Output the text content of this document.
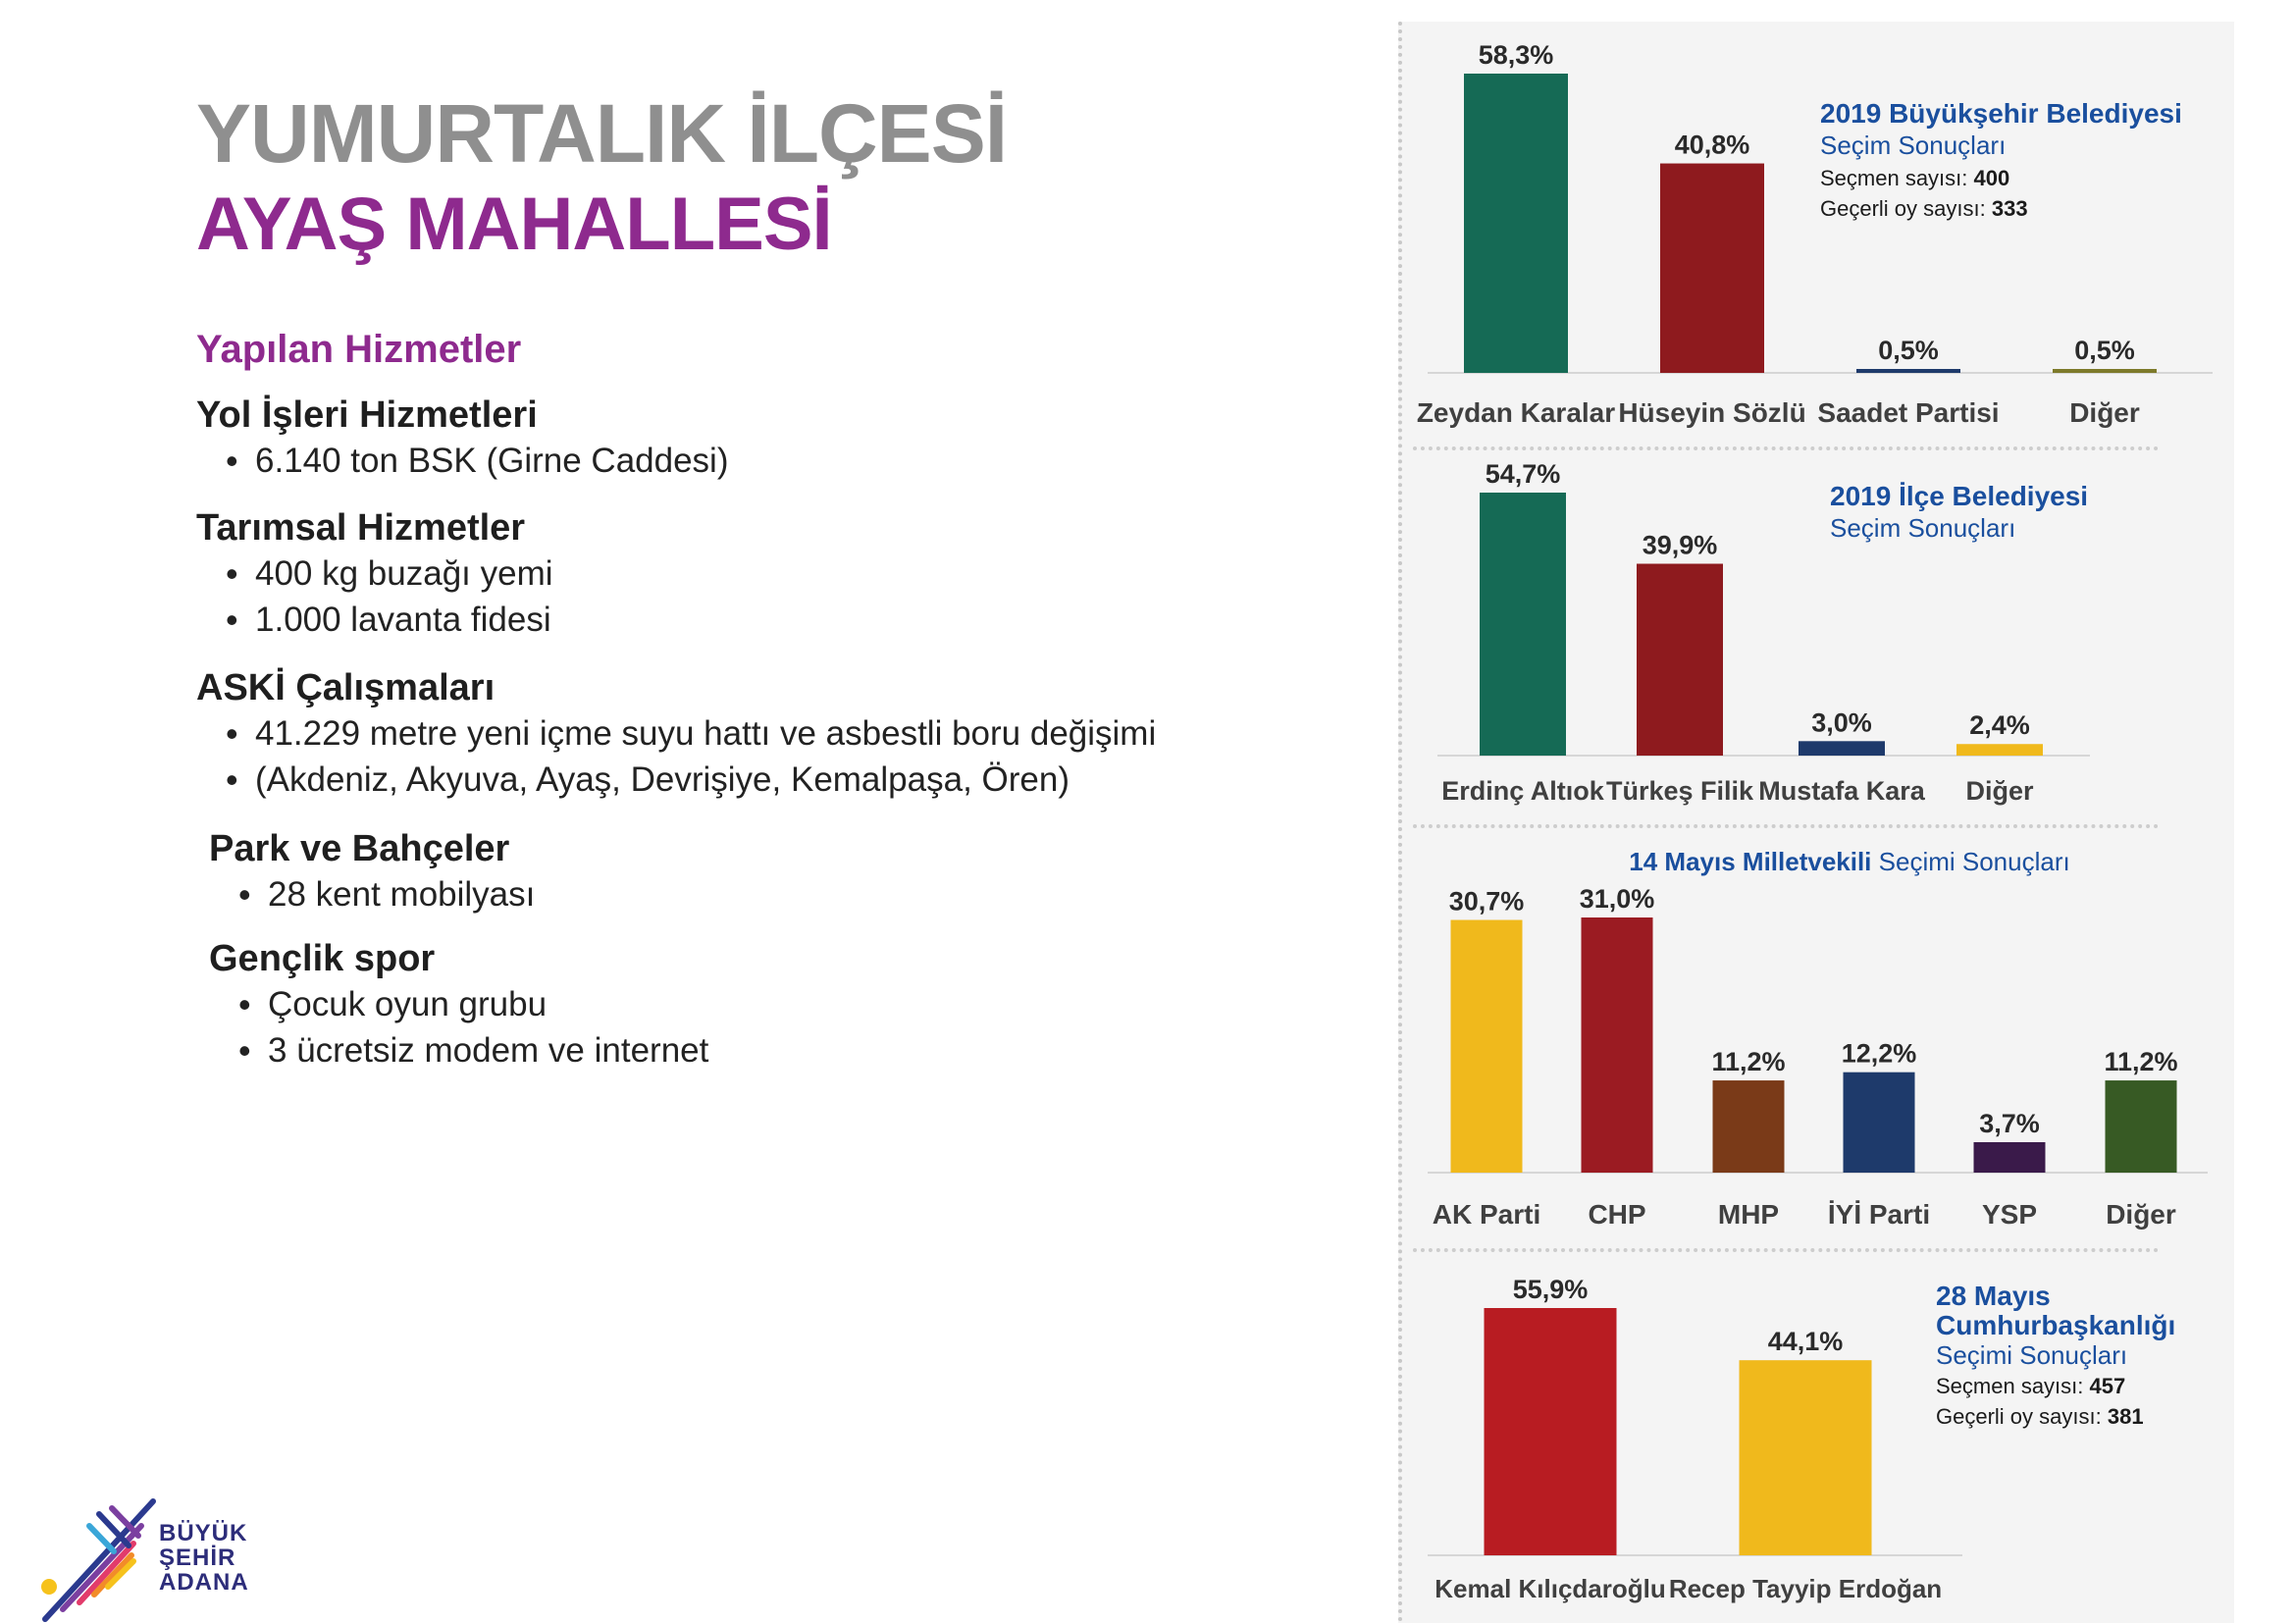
YUMURTALIK İLÇESİ
AYAŞ MAHALLESİ
Yapılan Hizmetler
Yol İşleri Hizmetleri
• 6.140 ton BSK (Girne Caddesi)
Tarımsal Hizmetler
• 400 kg buzağı yemi
• 1.000 lavanta fidesi
ASKİ Çalışmaları
• 41.229 metre yeni içme suyu hattı ve asbestli boru değişimi
• (Akdeniz, Akyuva, Ayaş, Devrişiye, Kemalpaşa, Ören)
Park ve Bahçeler
• 28 kent mobilyası
Gençlik spor
• Çocuk oyun grubu
• 3 ücretsiz modem ve internet
BÜYÜK
ŞEHİR
ADANA
58,3%
Zeydan Karalar
40,8%
Hüseyin Sözlü
0,5%
Saadet Partisi
0,5%
Diğer
2019 Büyükşehir Belediyesi
Seçim Sonuçları
Seçmen sayısı: 400
Geçerli oy sayısı: 333
54,7%
Erdinç Altıok
39,9%
Türkeş Filik
3,0%
Mustafa Kara
2,4%
Diğer
2019 İlçe Belediyesi
Seçim Sonuçları
30,7%
AK Parti
31,0%
CHP
11,2%
MHP
12,2%
İYİ Parti
3,7%
YSP
11,2%
Diğer
14 Mayıs Milletvekili Seçimi Sonuçları
55,9%
Kemal Kılıçdaroğlu
44,1%
Recep Tayyip Erdoğan
28 Mayıs
Cumhurbaşkanlığı
Seçimi Sonuçları
Seçmen sayısı: 457
Geçerli oy sayısı: 381
